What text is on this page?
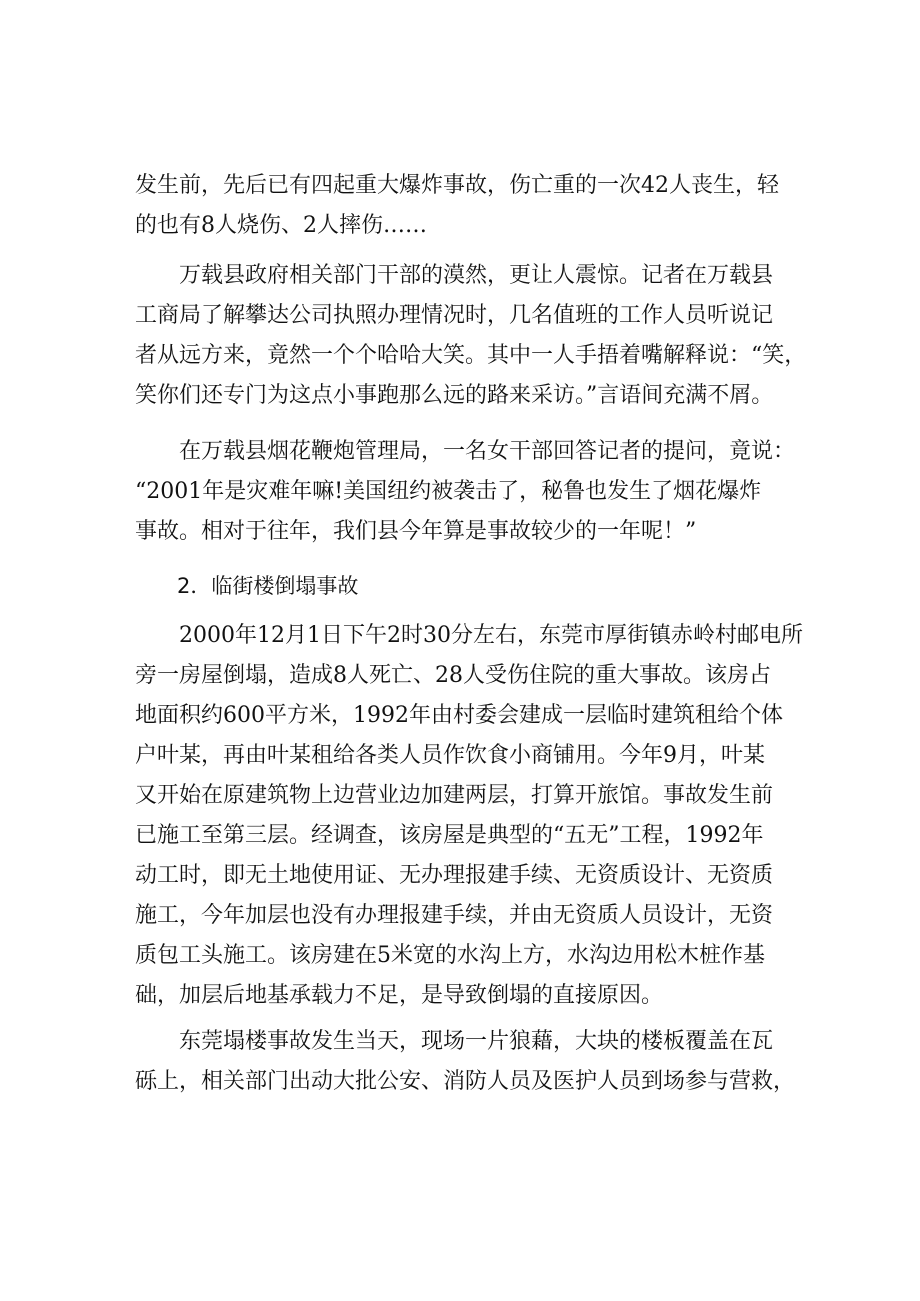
发生前，先后已有四起重大爆炸事故，伤亡重的一次42人丧生，轻
的也有8人烧伤、2人摔伤……
　　万载县政府相关部门干部的漠然，更让人震惊。记者在万载县
工商局了解攀达公司执照办理情况时，几名值班的工作人员听说记
者从远方来，竟然一个个哈哈大笑。其中一人手捂着嘴解释说：“笑，
笑你们还专门为这点小事跑那么远的路来采访。”言语间充满不屑。
　　在万载县烟花鞭炮管理局，一名女干部回答记者的提问，竟说：
“2001年是灾难年嘛!美国纽约被袭击了，秘鲁也发生了烟花爆炸
事故。相对于往年，我们县今年算是事故较少的一年呢！”
　　2．临街楼倒塌事故
　　2000年12月1日下午2时30分左右，东莞市厚街镇赤岭村邮电所
旁一房屋倒塌，造成8人死亡、28人受伤住院的重大事故。该房占
地面积约600平方米，1992年由村委会建成一层临时建筑租给个体
户叶某，再由叶某租给各类人员作饮食小商铺用。今年9月，叶某
又开始在原建筑物上边营业边加建两层，打算开旅馆。事故发生前
已施工至第三层。经调查，该房屋是典型的“五无”工程，1992年
动工时，即无土地使用证、无办理报建手续、无资质设计、无资质
施工，今年加层也没有办理报建手续，并由无资质人员设计，无资
质包工头施工。该房建在5米宽的水沟上方，水沟边用松木桩作基
础，加层后地基承载力不足，是导致倒塌的直接原因。
　　东莞塌楼事故发生当天，现场一片狼藉，大块的楼板覆盖在瓦
砾上，相关部门出动大批公安、消防人员及医护人员到场参与营救，
